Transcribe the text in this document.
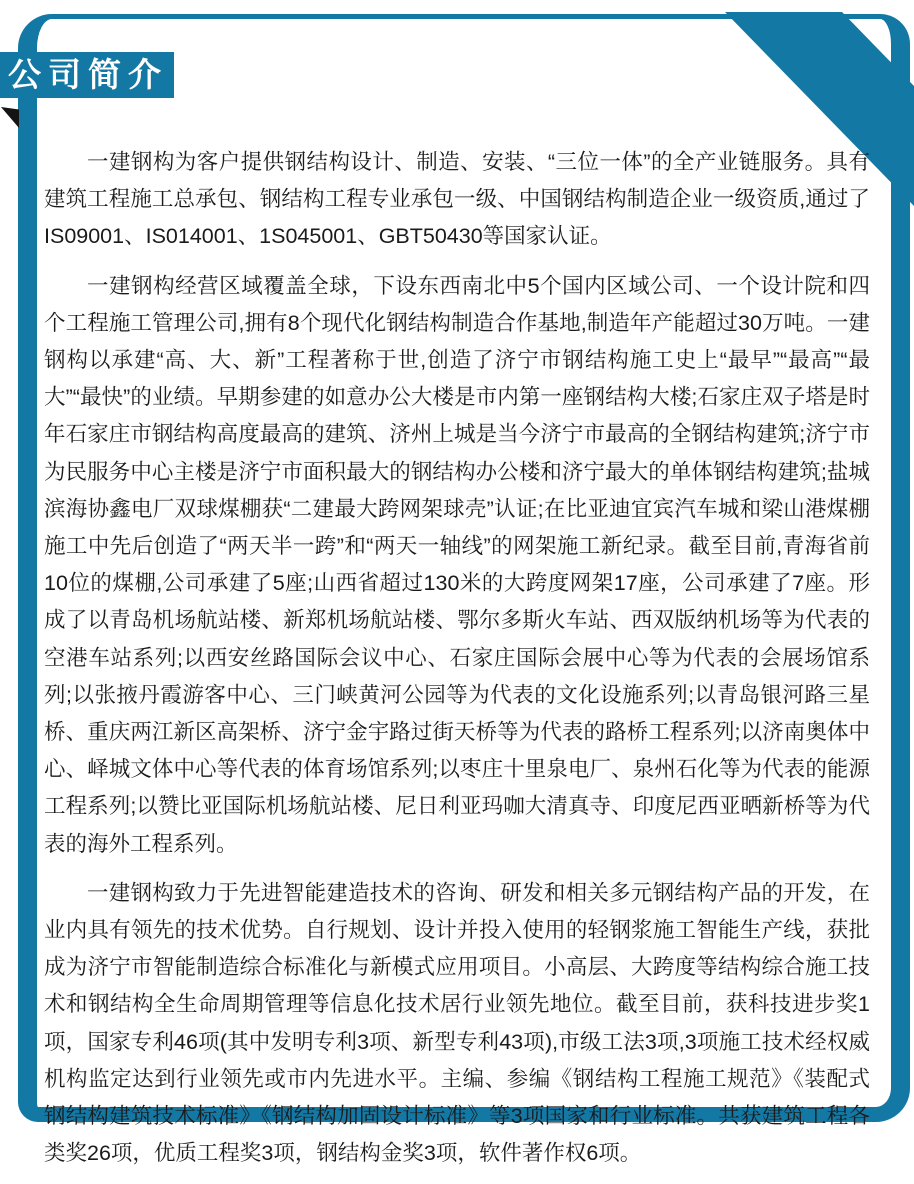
公司简介

一建钢构为客户提供钢结构设计、制造、安装、“三位一体”的全产业链服务。具有建筑工程施工总承包、钢结构工程专业承包一级、中国钢结构制造企业一级资质,通过了IS09001、IS014001、1S045001、GBT50430等国家认证。

一建钢构经营区域覆盖全球，下设东西南北中5个国内区域公司、一个设计院和四个工程施工管理公司,拥有8个现代化钢结构制造合作基地,制造年产能超过30万吨。一建钢构以承建“高、大、新”工程著称于世,创造了济宁市钢结构施工史上“最早”“最高”“最大”“最快”的业绩。早期参建的如意办公大楼是市内第一座钢结构大楼;石家庄双子塔是时年石家庄市钢结构高度最高的建筑、济州上城是当今济宁市最高的全钢结构建筑;济宁市为民服务中心主楼是济宁市面积最大的钢结构办公楼和济宁最大的单体钢结构建筑;盐城滨海协鑫电厂双球煤棚获“二建最大跨网架球壳”认证;在比亚迪宜宾汽车城和梁山港煤棚施工中先后创造了“两天半一跨”和“两天一轴线”的网架施工新纪录。截至目前,青海省前10位的煤棚,公司承建了5座;山西省超过130米的大跨度网架17座，公司承建了7座。形成了以青岛机场航站楼、新郑机场航站楼、鄂尔多斯火车站、西双版纳机场等为代表的空港车站系列;以西安丝路国际会议中心、石家庄国际会展中心等为代表的会展场馆系列;以张掖丹霞游客中心、三门峡黄河公园等为代表的文化设施系列;以青岛银河路三星桥、重庆两江新区高架桥、济宁金宇路过街天桥等为代表的路桥工程系列;以济南奥体中心、峄城文体中心等代表的体育场馆系列;以枣庄十里泉电厂、泉州石化等为代表的能源工程系列;以赞比亚国际机场航站楼、尼日利亚玛咖大清真寺、印度尼西亚晒新桥等为代表的海外工程系列。

一建钢构致力于先进智能建造技术的咨询、研发和相关多元钢结构产品的开发，在业内具有领先的技术优势。自行规划、设计并投入使用的轻钢浆施工智能生产线，获批成为济宁市智能制造综合标准化与新模式应用项目。小高层、大跨度等结构综合施工技术和钢结构全生命周期管理等信息化技术居行业领先地位。截至目前，获科技进步奖1项，国家专利46项(其中发明专利3项、新型专利43项),市级工法3项,3项施工技术经权威机构监定达到行业领先或市内先进水平。主编、参编《钢结构工程施工规范》《装配式钢结构建筑技术标准》《钢结构加固设计标准》等3项国家和行业标准。共获建筑工程各类奖26项，优质工程奖3项，钢结构金奖3项，软件著作权6项。
